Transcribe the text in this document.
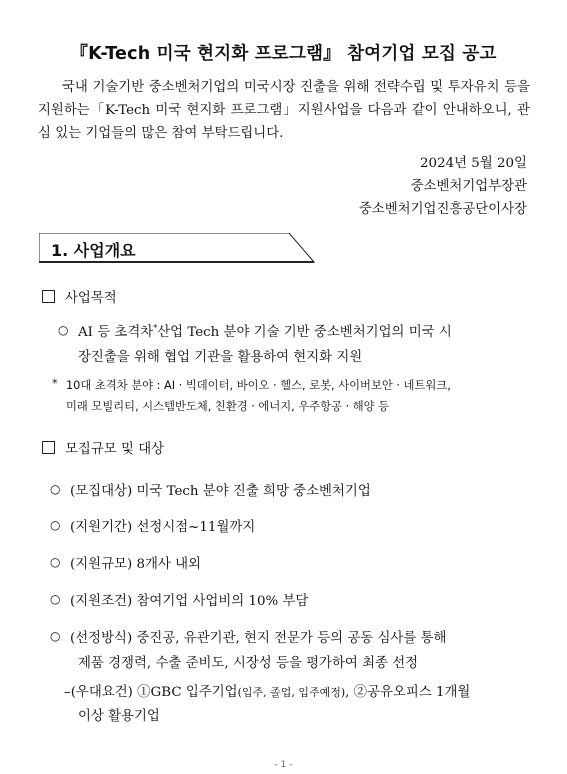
『K-Tech 미국 현지화 프로그램』 참여기업 모집 공고
국내 기술기반 중소벤처기업의 미국시장 진출을 위해 전략수립 및 투자유치 등을 지원하는「K-Tech 미국 현지화 프로그램」지원사업을 다음과 같이 안내하오니, 관심 있는 기업들의 많은 참여 부탁드립니다.
2024년 5월 20일
중소벤처기업부장관
중소벤처기업진흥공단이사장
1. 사업개요
사업목적
○ AI 등 초격차*산업 Tech 분야 기술 기반 중소벤처기업의 미국 시
장진출을 위해 협업 기관을 활용하여 현지화 지원
* 10대 초격차 분야 : AI · 빅데이터, 바이오 · 헬스, 로봇, 사이버보안 · 네트워크,
미래 모빌리티, 시스템반도체, 친환경 · 에너지, 우주항공 · 해양 등
모집규모 및 대상
○ (모집대상) 미국 Tech 분야 진출 희망 중소벤처기업
○ (지원기간) 선정시점~11월까지
○ (지원규모) 8개사 내외
○ (지원조건) 참여기업 사업비의 10% 부담
○ (선정방식) 중진공, 유관기관, 현지 전문가 등의 공동 심사를 통해
제품 경쟁력, 수출 준비도, 시장성 등을 평가하여 최종 선정
–(우대요건) ①GBC 입주기업(입주, 졸업, 입주예정), ②공유오피스 1개월
이상 활용기업
- 1 -
